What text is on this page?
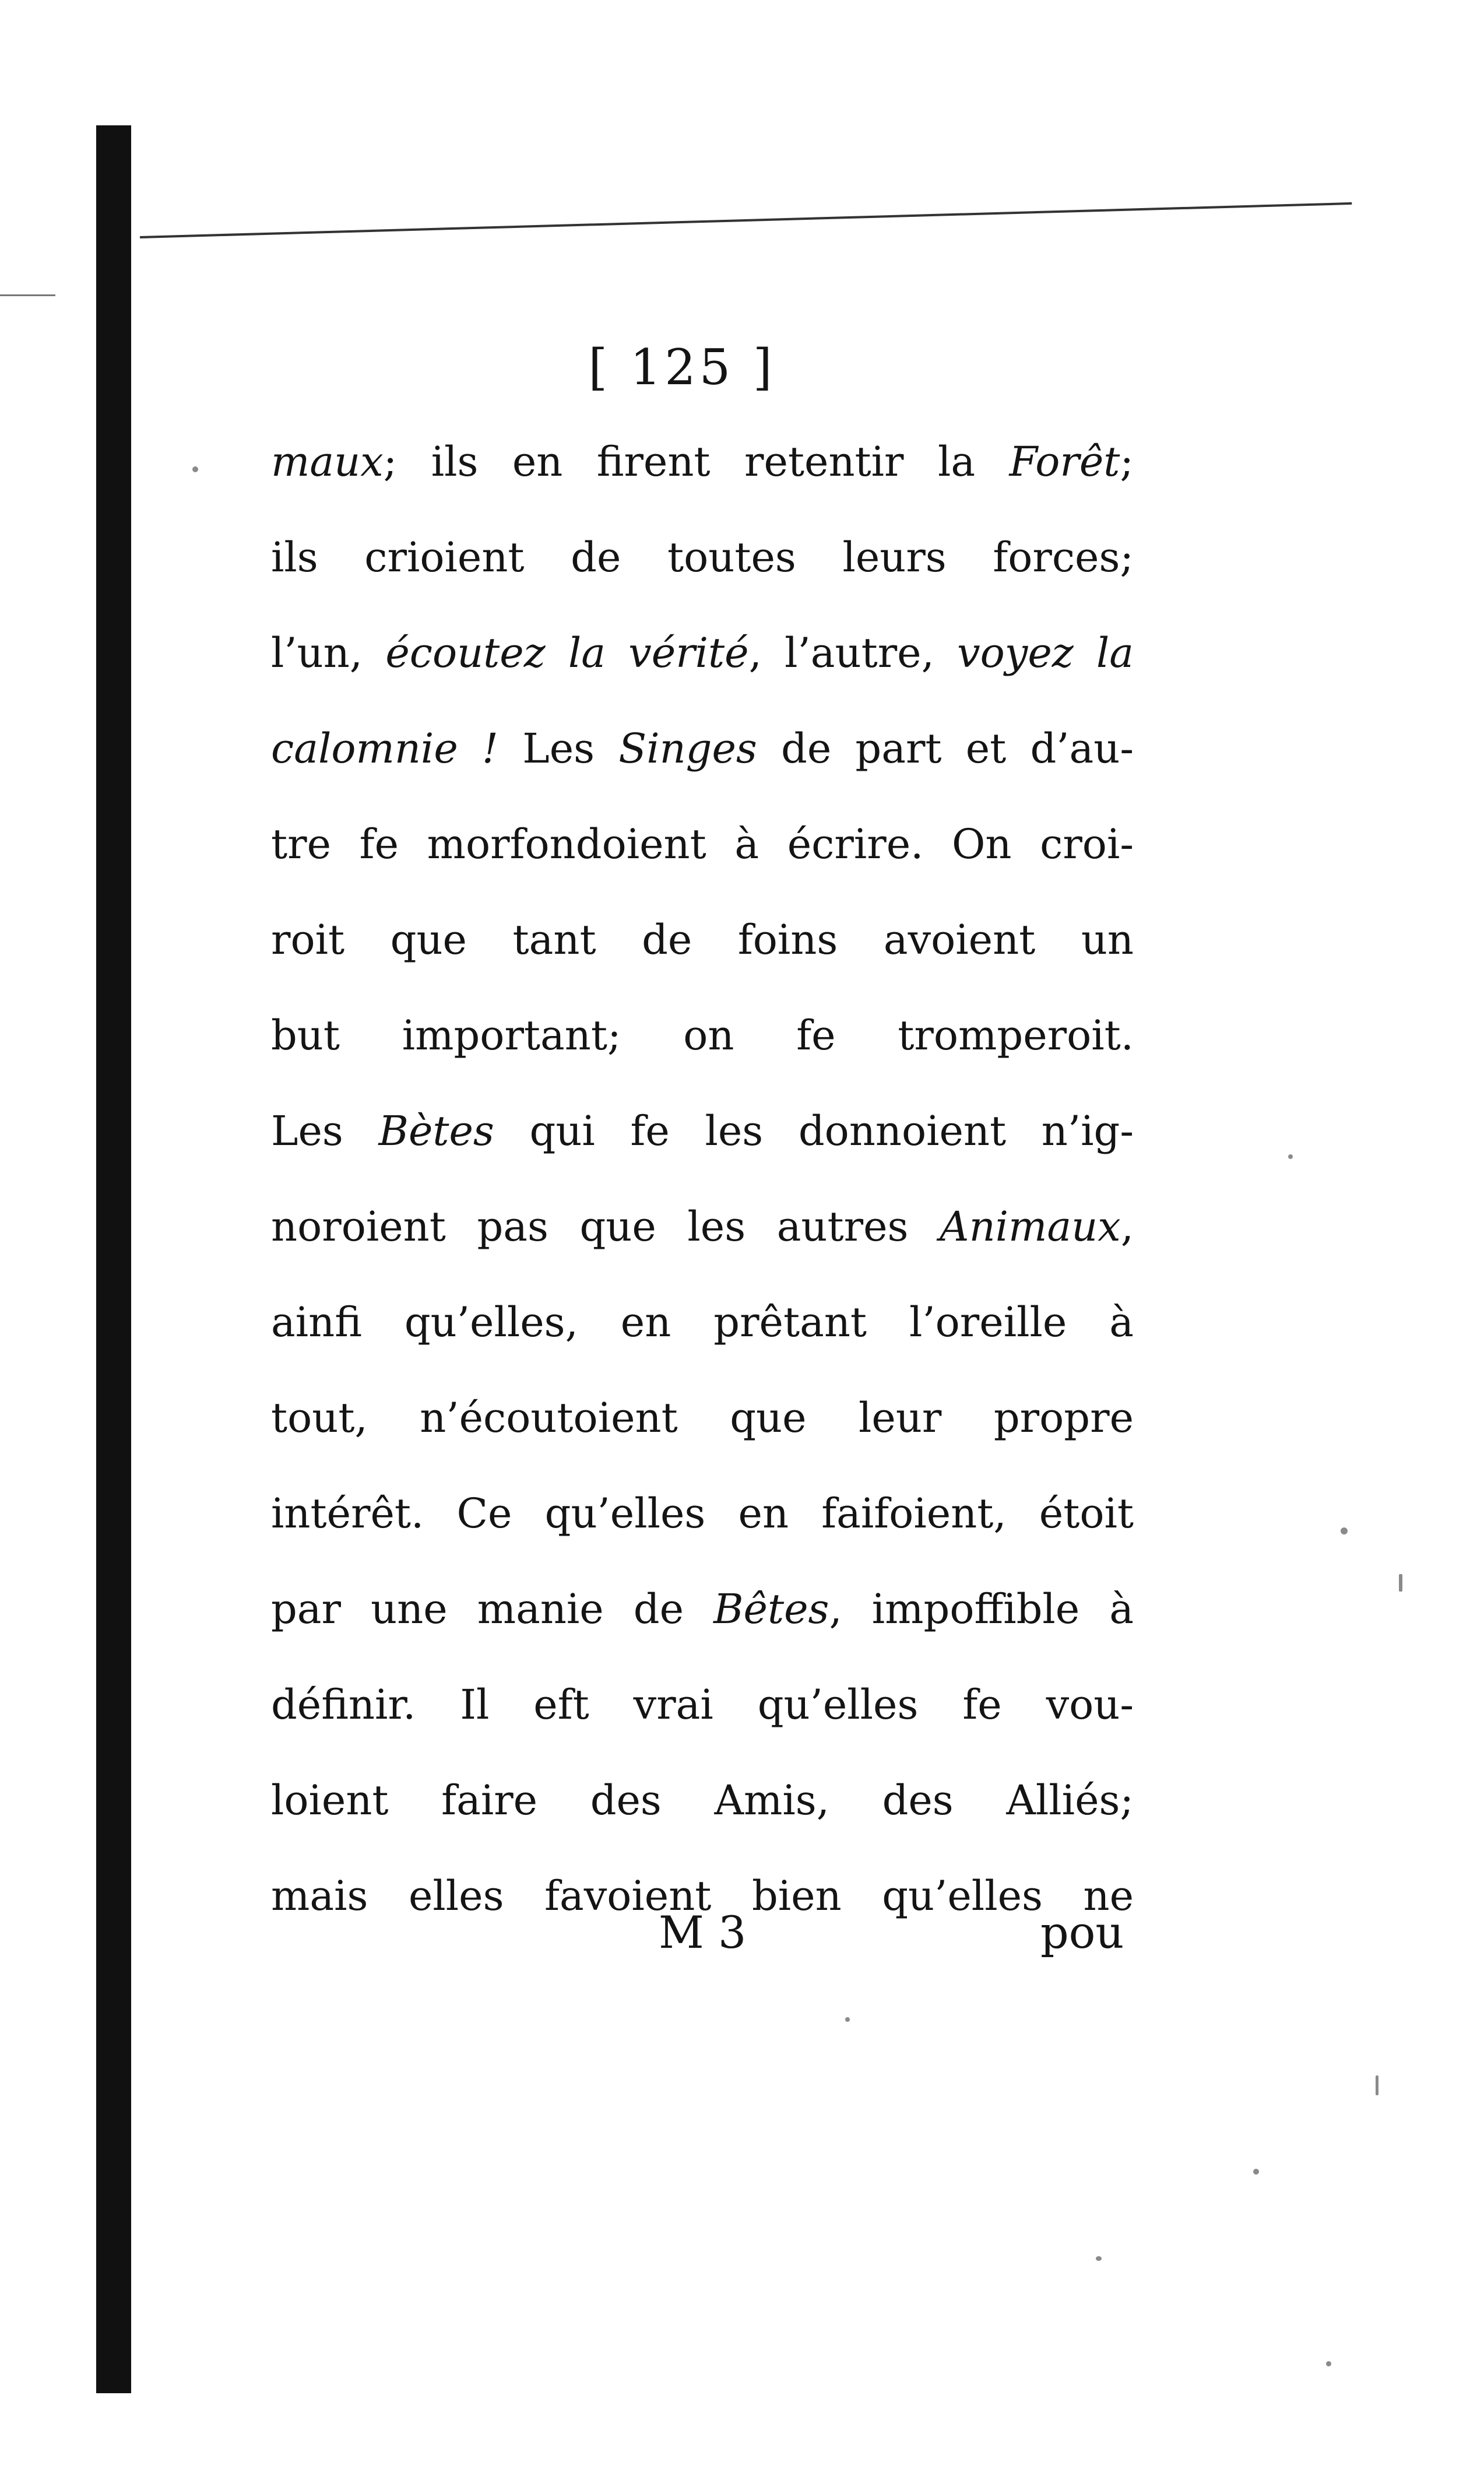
[ 125 ]
maux; ils en firent retentir la Forêt;
ils crioient de toutes leurs forces;
l’un, écoutez la vérité, l’autre, voyez la
calomnie ! Les Singes de part et d’au-
tre fe morfondoient à écrire. On croi-
roit que tant de foins avoient un
but important; on fe tromperoit.
Les Bètes qui fe les donnoient n’ig-
noroient pas que les autres Animaux,
ainfi qu’elles, en prêtant l’oreille à
tout, n’écoutoient que leur propre
intérêt. Ce qu’elles en faifoient, étoit
par une manie de Bêtes, impoffible à
définir. Il eft vrai qu’elles fe vou-
loient faire des Amis, des Alliés;
mais elles favoient bien qu’elles ne
M 3	pou
